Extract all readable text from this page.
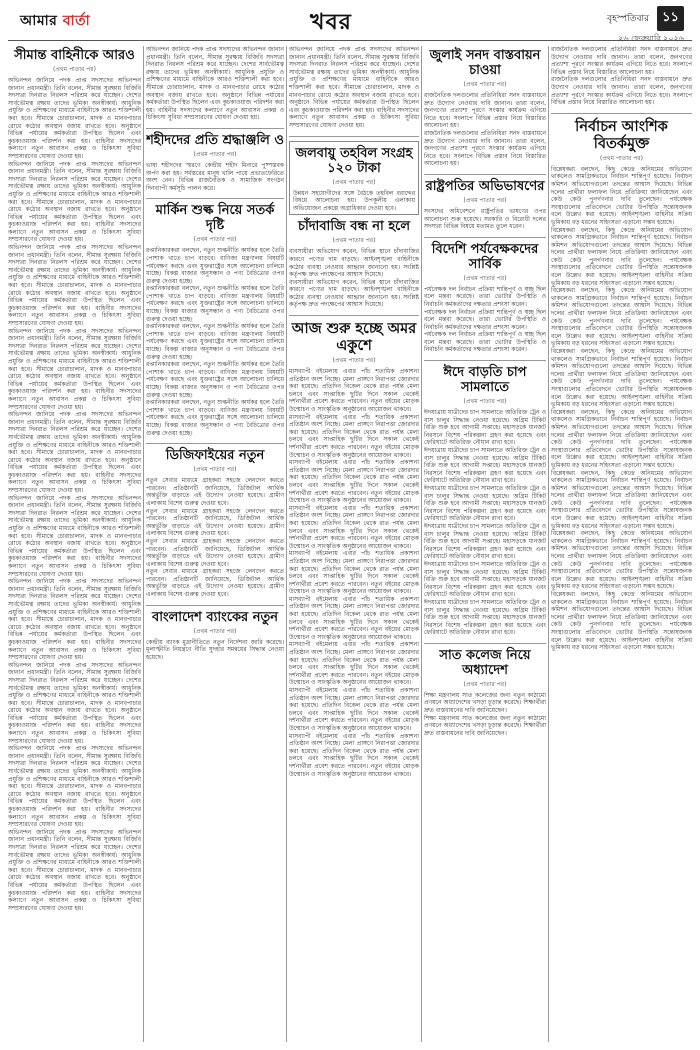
আমার বার্তা	খবর	বৃহস্পতিবার ১১
২৬ ফেব্রুয়ারি ২০২৬
সীমান্ত বাহিনীকে আরও
(প্রথম পাতার পর)

অভিনন্দন জানিয়ে পদক প্রাপ্ত সদস্যদের অভিনন্দন জানান প্রধানমন্ত্রী। তিনি বলেন, সীমান্ত সুরক্ষায় বিজিবি সদস্যরা দিনরাত নিরলস পরিশ্রম করে যাচ্ছেন। দেশের সার্বভৌমত্ব রক্ষায় তাদের ভূমিকা অনস্বীকার্য। আধুনিক প্রযুক্তি ও প্রশিক্ষণের মাধ্যমে বাহিনীকে আরও শক্তিশালী করা হবে। সীমান্তে চোরাচালান, মাদক ও মানবপাচার রোধে কঠোর অবস্থান বজায় রাখতে হবে। অনুষ্ঠানে বিভিন্ন পর্যায়ের কর্মকর্তারা উপস্থিত ছিলেন এবং কুচকাওয়াজ পরিদর্শন করা হয়। বাহিনীর সদস্যদের কল্যাণে নতুন আবাসন প্রকল্প ও চিকিৎসা সুবিধা সম্প্রসারণের ঘোষণা দেওয়া হয়।

অভিনন্দন জানিয়ে পদক প্রাপ্ত সদস্যদের অভিনন্দন জানান প্রধানমন্ত্রী। তিনি বলেন, সীমান্ত সুরক্ষায় বিজিবি সদস্যরা দিনরাত নিরলস পরিশ্রম করে যাচ্ছেন। দেশের সার্বভৌমত্ব রক্ষায় তাদের ভূমিকা অনস্বীকার্য। আধুনিক প্রযুক্তি ও প্রশিক্ষণের মাধ্যমে বাহিনীকে আরও শক্তিশালী করা হবে। সীমান্তে চোরাচালান, মাদক ও মানবপাচার রোধে কঠোর অবস্থান বজায় রাখতে হবে। অনুষ্ঠানে বিভিন্ন পর্যায়ের কর্মকর্তারা উপস্থিত ছিলেন এবং কুচকাওয়াজ পরিদর্শন করা হয়। বাহিনীর সদস্যদের কল্যাণে নতুন আবাসন প্রকল্প ও চিকিৎসা সুবিধা সম্প্রসারণের ঘোষণা দেওয়া হয়।

অভিনন্দন জানিয়ে পদক প্রাপ্ত সদস্যদের অভিনন্দন জানান প্রধানমন্ত্রী। তিনি বলেন, সীমান্ত সুরক্ষায় বিজিবি সদস্যরা দিনরাত নিরলস পরিশ্রম করে যাচ্ছেন। দেশের সার্বভৌমত্ব রক্ষায় তাদের ভূমিকা অনস্বীকার্য। আধুনিক প্রযুক্তি ও প্রশিক্ষণের মাধ্যমে বাহিনীকে আরও শক্তিশালী করা হবে। সীমান্তে চোরাচালান, মাদক ও মানবপাচার রোধে কঠোর অবস্থান বজায় রাখতে হবে। অনুষ্ঠানে বিভিন্ন পর্যায়ের কর্মকর্তারা উপস্থিত ছিলেন এবং কুচকাওয়াজ পরিদর্শন করা হয়। বাহিনীর সদস্যদের কল্যাণে নতুন আবাসন প্রকল্প ও চিকিৎসা সুবিধা সম্প্রসারণের ঘোষণা দেওয়া হয়।

অভিনন্দন জানিয়ে পদক প্রাপ্ত সদস্যদের অভিনন্দন জানান প্রধানমন্ত্রী। তিনি বলেন, সীমান্ত সুরক্ষায় বিজিবি সদস্যরা দিনরাত নিরলস পরিশ্রম করে যাচ্ছেন। দেশের সার্বভৌমত্ব রক্ষায় তাদের ভূমিকা অনস্বীকার্য। আধুনিক প্রযুক্তি ও প্রশিক্ষণের মাধ্যমে বাহিনীকে আরও শক্তিশালী করা হবে। সীমান্তে চোরাচালান, মাদক ও মানবপাচার রোধে কঠোর অবস্থান বজায় রাখতে হবে। অনুষ্ঠানে বিভিন্ন পর্যায়ের কর্মকর্তারা উপস্থিত ছিলেন এবং কুচকাওয়াজ পরিদর্শন করা হয়। বাহিনীর সদস্যদের কল্যাণে নতুন আবাসন প্রকল্প ও চিকিৎসা সুবিধা সম্প্রসারণের ঘোষণা দেওয়া হয়।

অভিনন্দন জানিয়ে পদক প্রাপ্ত সদস্যদের অভিনন্দন জানান প্রধানমন্ত্রী। তিনি বলেন, সীমান্ত সুরক্ষায় বিজিবি সদস্যরা দিনরাত নিরলস পরিশ্রম করে যাচ্ছেন। দেশের সার্বভৌমত্ব রক্ষায় তাদের ভূমিকা অনস্বীকার্য। আধুনিক প্রযুক্তি ও প্রশিক্ষণের মাধ্যমে বাহিনীকে আরও শক্তিশালী করা হবে। সীমান্তে চোরাচালান, মাদক ও মানবপাচার রোধে কঠোর অবস্থান বজায় রাখতে হবে। অনুষ্ঠানে বিভিন্ন পর্যায়ের কর্মকর্তারা উপস্থিত ছিলেন এবং কুচকাওয়াজ পরিদর্শন করা হয়। বাহিনীর সদস্যদের কল্যাণে নতুন আবাসন প্রকল্প ও চিকিৎসা সুবিধা সম্প্রসারণের ঘোষণা দেওয়া হয়।

অভিনন্দন জানিয়ে পদক প্রাপ্ত সদস্যদের অভিনন্দন জানান প্রধানমন্ত্রী। তিনি বলেন, সীমান্ত সুরক্ষায় বিজিবি সদস্যরা দিনরাত নিরলস পরিশ্রম করে যাচ্ছেন। দেশের সার্বভৌমত্ব রক্ষায় তাদের ভূমিকা অনস্বীকার্য। আধুনিক প্রযুক্তি ও প্রশিক্ষণের মাধ্যমে বাহিনীকে আরও শক্তিশালী করা হবে। সীমান্তে চোরাচালান, মাদক ও মানবপাচার রোধে কঠোর অবস্থান বজায় রাখতে হবে। অনুষ্ঠানে বিভিন্ন পর্যায়ের কর্মকর্তারা উপস্থিত ছিলেন এবং কুচকাওয়াজ পরিদর্শন করা হয়। বাহিনীর সদস্যদের কল্যাণে নতুন আবাসন প্রকল্প ও চিকিৎসা সুবিধা সম্প্রসারণের ঘোষণা দেওয়া হয়।

অভিনন্দন জানিয়ে পদক প্রাপ্ত সদস্যদের অভিনন্দন জানান প্রধানমন্ত্রী। তিনি বলেন, সীমান্ত সুরক্ষায় বিজিবি সদস্যরা দিনরাত নিরলস পরিশ্রম করে যাচ্ছেন। দেশের সার্বভৌমত্ব রক্ষায় তাদের ভূমিকা অনস্বীকার্য। আধুনিক প্রযুক্তি ও প্রশিক্ষণের মাধ্যমে বাহিনীকে আরও শক্তিশালী করা হবে। সীমান্তে চোরাচালান, মাদক ও মানবপাচার রোধে কঠোর অবস্থান বজায় রাখতে হবে। অনুষ্ঠানে বিভিন্ন পর্যায়ের কর্মকর্তারা উপস্থিত ছিলেন এবং কুচকাওয়াজ পরিদর্শন করা হয়। বাহিনীর সদস্যদের কল্যাণে নতুন আবাসন প্রকল্প ও চিকিৎসা সুবিধা সম্প্রসারণের ঘোষণা দেওয়া হয়।

অভিনন্দন জানিয়ে পদক প্রাপ্ত সদস্যদের অভিনন্দন জানান প্রধানমন্ত্রী। তিনি বলেন, সীমান্ত সুরক্ষায় বিজিবি সদস্যরা দিনরাত নিরলস পরিশ্রম করে যাচ্ছেন। দেশের সার্বভৌমত্ব রক্ষায় তাদের ভূমিকা অনস্বীকার্য। আধুনিক প্রযুক্তি ও প্রশিক্ষণের মাধ্যমে বাহিনীকে আরও শক্তিশালী করা হবে। সীমান্তে চোরাচালান, মাদক ও মানবপাচার রোধে কঠোর অবস্থান বজায় রাখতে হবে। অনুষ্ঠানে বিভিন্ন পর্যায়ের কর্মকর্তারা উপস্থিত ছিলেন এবং কুচকাওয়াজ পরিদর্শন করা হয়। বাহিনীর সদস্যদের কল্যাণে নতুন আবাসন প্রকল্প ও চিকিৎসা সুবিধা সম্প্রসারণের ঘোষণা দেওয়া হয়।

অভিনন্দন জানিয়ে পদক প্রাপ্ত সদস্যদের অভিনন্দন জানান প্রধানমন্ত্রী। তিনি বলেন, সীমান্ত সুরক্ষায় বিজিবি সদস্যরা দিনরাত নিরলস পরিশ্রম করে যাচ্ছেন। দেশের সার্বভৌমত্ব রক্ষায় তাদের ভূমিকা অনস্বীকার্য। আধুনিক প্রযুক্তি ও প্রশিক্ষণের মাধ্যমে বাহিনীকে আরও শক্তিশালী করা হবে। সীমান্তে চোরাচালান, মাদক ও মানবপাচার রোধে কঠোর অবস্থান বজায় রাখতে হবে। অনুষ্ঠানে বিভিন্ন পর্যায়ের কর্মকর্তারা উপস্থিত ছিলেন এবং কুচকাওয়াজ পরিদর্শন করা হয়। বাহিনীর সদস্যদের কল্যাণে নতুন আবাসন প্রকল্প ও চিকিৎসা সুবিধা সম্প্রসারণের ঘোষণা দেওয়া হয়।

অভিনন্দন জানিয়ে পদক প্রাপ্ত সদস্যদের অভিনন্দন জানান প্রধানমন্ত্রী। তিনি বলেন, সীমান্ত সুরক্ষায় বিজিবি সদস্যরা দিনরাত নিরলস পরিশ্রম করে যাচ্ছেন। দেশের সার্বভৌমত্ব রক্ষায় তাদের ভূমিকা অনস্বীকার্য। আধুনিক প্রযুক্তি ও প্রশিক্ষণের মাধ্যমে বাহিনীকে আরও শক্তিশালী করা হবে। সীমান্তে চোরাচালান, মাদক ও মানবপাচার রোধে কঠোর অবস্থান বজায় রাখতে হবে। অনুষ্ঠানে বিভিন্ন পর্যায়ের কর্মকর্তারা উপস্থিত ছিলেন এবং কুচকাওয়াজ পরিদর্শন করা হয়। বাহিনীর সদস্যদের কল্যাণে নতুন আবাসন প্রকল্প ও চিকিৎসা সুবিধা সম্প্রসারণের ঘোষণা দেওয়া হয়।

অভিনন্দন জানিয়ে পদক প্রাপ্ত সদস্যদের অভিনন্দন জানান প্রধানমন্ত্রী। তিনি বলেন, সীমান্ত সুরক্ষায় বিজিবি সদস্যরা দিনরাত নিরলস পরিশ্রম করে যাচ্ছেন। দেশের সার্বভৌমত্ব রক্ষায় তাদের ভূমিকা অনস্বীকার্য। আধুনিক প্রযুক্তি ও প্রশিক্ষণের মাধ্যমে বাহিনীকে আরও শক্তিশালী করা হবে। সীমান্তে চোরাচালান, মাদক ও মানবপাচার রোধে কঠোর অবস্থান বজায় রাখতে হবে। অনুষ্ঠানে বিভিন্ন পর্যায়ের কর্মকর্তারা উপস্থিত ছিলেন এবং কুচকাওয়াজ পরিদর্শন করা হয়। বাহিনীর সদস্যদের কল্যাণে নতুন আবাসন প্রকল্প ও চিকিৎসা সুবিধা সম্প্রসারণের ঘোষণা দেওয়া হয়।

শহীদদের প্রতি শ্রদ্ধাঞ্জলি ও
(প্রথম পাতার পর)

ভাষা শহীদদের স্মরণে কেন্দ্রীয় শহীদ মিনারে পুষ্পস্তবক অর্পণ করা হয়। সর্বস্তরের মানুষ খালি পায়ে প্রভাতফেরিতে অংশ নেন। বিভিন্ন রাজনৈতিক ও সামাজিক সংগঠন দিনব্যাপী কর্মসূচি পালন করে।

মার্কিন শুল্ক নিয়ে সতর্ক দৃষ্টি
(প্রথম পাতার পর)

রপ্তানিকারকরা বলছেন, নতুন শুল্কনীতি কার্যকর হলে তৈরি পোশাক খাতে চাপ বাড়বে। বাণিজ্য মন্ত্রণালয় বিষয়টি পর্যবেক্ষণ করছে এবং যুক্তরাষ্ট্রের সঙ্গে আলোচনা চালিয়ে যাচ্ছে। বিকল্প বাজার অনুসন্ধান ও পণ্য বৈচিত্র্যের ওপর গুরুত্ব দেওয়া হচ্ছে।

রপ্তানিকারকরা বলছেন, নতুন শুল্কনীতি কার্যকর হলে তৈরি পোশাক খাতে চাপ বাড়বে। বাণিজ্য মন্ত্রণালয় বিষয়টি পর্যবেক্ষণ করছে এবং যুক্তরাষ্ট্রের সঙ্গে আলোচনা চালিয়ে যাচ্ছে। বিকল্প বাজার অনুসন্ধান ও পণ্য বৈচিত্র্যের ওপর গুরুত্ব দেওয়া হচ্ছে।

রপ্তানিকারকরা বলছেন, নতুন শুল্কনীতি কার্যকর হলে তৈরি পোশাক খাতে চাপ বাড়বে। বাণিজ্য মন্ত্রণালয় বিষয়টি পর্যবেক্ষণ করছে এবং যুক্তরাষ্ট্রের সঙ্গে আলোচনা চালিয়ে যাচ্ছে। বিকল্প বাজার অনুসন্ধান ও পণ্য বৈচিত্র্যের ওপর গুরুত্ব দেওয়া হচ্ছে।

রপ্তানিকারকরা বলছেন, নতুন শুল্কনীতি কার্যকর হলে তৈরি পোশাক খাতে চাপ বাড়বে। বাণিজ্য মন্ত্রণালয় বিষয়টি পর্যবেক্ষণ করছে এবং যুক্তরাষ্ট্রের সঙ্গে আলোচনা চালিয়ে যাচ্ছে। বিকল্প বাজার অনুসন্ধান ও পণ্য বৈচিত্র্যের ওপর গুরুত্ব দেওয়া হচ্ছে।

রপ্তানিকারকরা বলছেন, নতুন শুল্কনীতি কার্যকর হলে তৈরি পোশাক খাতে চাপ বাড়বে। বাণিজ্য মন্ত্রণালয় বিষয়টি পর্যবেক্ষণ করছে এবং যুক্তরাষ্ট্রের সঙ্গে আলোচনা চালিয়ে যাচ্ছে। বিকল্প বাজার অনুসন্ধান ও পণ্য বৈচিত্র্যের ওপর গুরুত্ব দেওয়া হচ্ছে।

ডিজিফাইয়ের নতুন
(প্রথম পাতার পর)

নতুন সেবার মাধ্যমে গ্রাহকরা সহজে লেনদেন করতে পারবেন। প্রতিষ্ঠানটি জানিয়েছে, ডিজিটাল আর্থিক অন্তর্ভুক্তি বাড়াতে এই উদ্যোগ নেওয়া হয়েছে। গ্রামীণ এলাকায় বিশেষ গুরুত্ব দেওয়া হবে।

নতুন সেবার মাধ্যমে গ্রাহকরা সহজে লেনদেন করতে পারবেন। প্রতিষ্ঠানটি জানিয়েছে, ডিজিটাল আর্থিক অন্তর্ভুক্তি বাড়াতে এই উদ্যোগ নেওয়া হয়েছে। গ্রামীণ এলাকায় বিশেষ গুরুত্ব দেওয়া হবে।

নতুন সেবার মাধ্যমে গ্রাহকরা সহজে লেনদেন করতে পারবেন। প্রতিষ্ঠানটি জানিয়েছে, ডিজিটাল আর্থিক অন্তর্ভুক্তি বাড়াতে এই উদ্যোগ নেওয়া হয়েছে। গ্রামীণ এলাকায় বিশেষ গুরুত্ব দেওয়া হবে।

নতুন সেবার মাধ্যমে গ্রাহকরা সহজে লেনদেন করতে পারবেন। প্রতিষ্ঠানটি জানিয়েছে, ডিজিটাল আর্থিক অন্তর্ভুক্তি বাড়াতে এই উদ্যোগ নেওয়া হয়েছে। গ্রামীণ এলাকায় বিশেষ গুরুত্ব দেওয়া হবে।

বাংলাদেশ ব্যাংকের নতুন
(প্রথম পাতার পর)

কেন্দ্রীয় ব্যাংক মুদ্রানীতিতে নতুন নির্দেশনা জারি করেছে। মূল্যস্ফীতি নিয়ন্ত্রণে নীতি সুদহার সমন্বয়ের সিদ্ধান্ত নেওয়া হয়েছে।

অভিনন্দন জানিয়ে পদক প্রাপ্ত সদস্যদের অভিনন্দন জানান প্রধানমন্ত্রী। তিনি বলেন, সীমান্ত সুরক্ষায় বিজিবি সদস্যরা দিনরাত নিরলস পরিশ্রম করে যাচ্ছেন। দেশের সার্বভৌমত্ব রক্ষায় তাদের ভূমিকা অনস্বীকার্য। আধুনিক প্রযুক্তি ও প্রশিক্ষণের মাধ্যমে বাহিনীকে আরও শক্তিশালী করা হবে। সীমান্তে চোরাচালান, মাদক ও মানবপাচার রোধে কঠোর অবস্থান বজায় রাখতে হবে। অনুষ্ঠানে বিভিন্ন পর্যায়ের কর্মকর্তারা উপস্থিত ছিলেন এবং কুচকাওয়াজ পরিদর্শন করা হয়। বাহিনীর সদস্যদের কল্যাণে নতুন আবাসন প্রকল্প ও চিকিৎসা সুবিধা সম্প্রসারণের ঘোষণা দেওয়া হয়।

জলবায়ু তহবিল সংগ্রহ ১২০ টাকা
(প্রথম পাতার পর)

উন্নয়ন সহযোগীদের সঙ্গে বৈঠকে তহবিল বরাদ্দের বিষয়ে আলোচনা হয়। উপকূলীয় এলাকায় অভিযোজন প্রকল্পে অগ্রাধিকার দেওয়া হবে।

চাঁদাবাজি বন্ধ না হলে
(প্রথম পাতার পর)

ব্যবসায়ীরা অভিযোগ করেন, বিভিন্ন স্থানে চাঁদাবাজির কারণে পণ্যের দাম বাড়ছে। আইনশৃঙ্খলা বাহিনীকে কঠোর ব্যবস্থা নেওয়ার আহ্বান জানানো হয়। সংশ্লিষ্ট কর্তৃপক্ষ দ্রুত পদক্ষেপের আশ্বাস দিয়েছে।

ব্যবসায়ীরা অভিযোগ করেন, বিভিন্ন স্থানে চাঁদাবাজির কারণে পণ্যের দাম বাড়ছে। আইনশৃঙ্খলা বাহিনীকে কঠোর ব্যবস্থা নেওয়ার আহ্বান জানানো হয়। সংশ্লিষ্ট কর্তৃপক্ষ দ্রুত পদক্ষেপের আশ্বাস দিয়েছে।

আজ শুরু হচ্ছে অমর একুশে
(প্রথম পাতার পর)

মাসব্যাপী বইমেলায় এবার পাঁচ শতাধিক প্রকাশনা প্রতিষ্ঠান অংশ নিচ্ছে। মেলা প্রাঙ্গণে নিরাপত্তা জোরদার করা হয়েছে। প্রতিদিন বিকেল থেকে রাত পর্যন্ত মেলা চলবে এবং সাপ্তাহিক ছুটির দিনে সকাল থেকেই দর্শনার্থীরা প্রবেশ করতে পারবেন। নতুন বইয়ের মোড়ক উন্মোচন ও সাংস্কৃতিক অনুষ্ঠানের আয়োজন থাকবে।

মাসব্যাপী বইমেলায় এবার পাঁচ শতাধিক প্রকাশনা প্রতিষ্ঠান অংশ নিচ্ছে। মেলা প্রাঙ্গণে নিরাপত্তা জোরদার করা হয়েছে। প্রতিদিন বিকেল থেকে রাত পর্যন্ত মেলা চলবে এবং সাপ্তাহিক ছুটির দিনে সকাল থেকেই দর্শনার্থীরা প্রবেশ করতে পারবেন। নতুন বইয়ের মোড়ক উন্মোচন ও সাংস্কৃতিক অনুষ্ঠানের আয়োজন থাকবে।

মাসব্যাপী বইমেলায় এবার পাঁচ শতাধিক প্রকাশনা প্রতিষ্ঠান অংশ নিচ্ছে। মেলা প্রাঙ্গণে নিরাপত্তা জোরদার করা হয়েছে। প্রতিদিন বিকেল থেকে রাত পর্যন্ত মেলা চলবে এবং সাপ্তাহিক ছুটির দিনে সকাল থেকেই দর্শনার্থীরা প্রবেশ করতে পারবেন। নতুন বইয়ের মোড়ক উন্মোচন ও সাংস্কৃতিক অনুষ্ঠানের আয়োজন থাকবে।

মাসব্যাপী বইমেলায় এবার পাঁচ শতাধিক প্রকাশনা প্রতিষ্ঠান অংশ নিচ্ছে। মেলা প্রাঙ্গণে নিরাপত্তা জোরদার করা হয়েছে। প্রতিদিন বিকেল থেকে রাত পর্যন্ত মেলা চলবে এবং সাপ্তাহিক ছুটির দিনে সকাল থেকেই দর্শনার্থীরা প্রবেশ করতে পারবেন। নতুন বইয়ের মোড়ক উন্মোচন ও সাংস্কৃতিক অনুষ্ঠানের আয়োজন থাকবে।

মাসব্যাপী বইমেলায় এবার পাঁচ শতাধিক প্রকাশনা প্রতিষ্ঠান অংশ নিচ্ছে। মেলা প্রাঙ্গণে নিরাপত্তা জোরদার করা হয়েছে। প্রতিদিন বিকেল থেকে রাত পর্যন্ত মেলা চলবে এবং সাপ্তাহিক ছুটির দিনে সকাল থেকেই দর্শনার্থীরা প্রবেশ করতে পারবেন। নতুন বইয়ের মোড়ক উন্মোচন ও সাংস্কৃতিক অনুষ্ঠানের আয়োজন থাকবে।

মাসব্যাপী বইমেলায় এবার পাঁচ শতাধিক প্রকাশনা প্রতিষ্ঠান অংশ নিচ্ছে। মেলা প্রাঙ্গণে নিরাপত্তা জোরদার করা হয়েছে। প্রতিদিন বিকেল থেকে রাত পর্যন্ত মেলা চলবে এবং সাপ্তাহিক ছুটির দিনে সকাল থেকেই দর্শনার্থীরা প্রবেশ করতে পারবেন। নতুন বইয়ের মোড়ক উন্মোচন ও সাংস্কৃতিক অনুষ্ঠানের আয়োজন থাকবে।

মাসব্যাপী বইমেলায় এবার পাঁচ শতাধিক প্রকাশনা প্রতিষ্ঠান অংশ নিচ্ছে। মেলা প্রাঙ্গণে নিরাপত্তা জোরদার করা হয়েছে। প্রতিদিন বিকেল থেকে রাত পর্যন্ত মেলা চলবে এবং সাপ্তাহিক ছুটির দিনে সকাল থেকেই দর্শনার্থীরা প্রবেশ করতে পারবেন। নতুন বইয়ের মোড়ক উন্মোচন ও সাংস্কৃতিক অনুষ্ঠানের আয়োজন থাকবে।

মাসব্যাপী বইমেলায় এবার পাঁচ শতাধিক প্রকাশনা প্রতিষ্ঠান অংশ নিচ্ছে। মেলা প্রাঙ্গণে নিরাপত্তা জোরদার করা হয়েছে। প্রতিদিন বিকেল থেকে রাত পর্যন্ত মেলা চলবে এবং সাপ্তাহিক ছুটির দিনে সকাল থেকেই দর্শনার্থীরা প্রবেশ করতে পারবেন। নতুন বইয়ের মোড়ক উন্মোচন ও সাংস্কৃতিক অনুষ্ঠানের আয়োজন থাকবে।

মাসব্যাপী বইমেলায় এবার পাঁচ শতাধিক প্রকাশনা প্রতিষ্ঠান অংশ নিচ্ছে। মেলা প্রাঙ্গণে নিরাপত্তা জোরদার করা হয়েছে। প্রতিদিন বিকেল থেকে রাত পর্যন্ত মেলা চলবে এবং সাপ্তাহিক ছুটির দিনে সকাল থেকেই দর্শনার্থীরা প্রবেশ করতে পারবেন। নতুন বইয়ের মোড়ক উন্মোচন ও সাংস্কৃতিক অনুষ্ঠানের আয়োজন থাকবে।

জুলাই সনদ বাস্তবায়ন চাওয়া
(প্রথম পাতার পর)

রাজনৈতিক দলগুলোর প্রতিনিধিরা সনদ বাস্তবায়নে দ্রুত উদ্যোগ নেওয়ার দাবি জানান। তারা বলেন, জনগণের প্রত্যাশা পূরণে সংস্কার কার্যক্রম এগিয়ে নিতে হবে। সংলাপে বিভিন্ন প্রস্তাব নিয়ে বিস্তারিত আলোচনা হয়।

রাজনৈতিক দলগুলোর প্রতিনিধিরা সনদ বাস্তবায়নে দ্রুত উদ্যোগ নেওয়ার দাবি জানান। তারা বলেন, জনগণের প্রত্যাশা পূরণে সংস্কার কার্যক্রম এগিয়ে নিতে হবে। সংলাপে বিভিন্ন প্রস্তাব নিয়ে বিস্তারিত আলোচনা হয়।

রাষ্ট্রপতির অভিভাষণের
(প্রথম পাতার পর)

সংসদের অধিবেশনে রাষ্ট্রপতির ভাষণের ওপর আলোচনা শুরু হয়েছে। সরকারি ও বিরোধী দলের সদস্যরা বিভিন্ন বিষয়ে মতামত তুলে ধরেন।

বিদেশি পর্যবেক্ষকদের সার্বিক
(প্রথম পাতার পর)

পর্যবেক্ষক দল নির্বাচন প্রক্রিয়া শান্তিপূর্ণ ও স্বচ্ছ ছিল বলে মন্তব্য করেছে। তারা ভোটার উপস্থিতি ও নির্বাচনি কর্মকর্তাদের দক্ষতার প্রশংসা করেন।

পর্যবেক্ষক দল নির্বাচন প্রক্রিয়া শান্তিপূর্ণ ও স্বচ্ছ ছিল বলে মন্তব্য করেছে। তারা ভোটার উপস্থিতি ও নির্বাচনি কর্মকর্তাদের দক্ষতার প্রশংসা করেন।

পর্যবেক্ষক দল নির্বাচন প্রক্রিয়া শান্তিপূর্ণ ও স্বচ্ছ ছিল বলে মন্তব্য করেছে। তারা ভোটার উপস্থিতি ও নির্বাচনি কর্মকর্তাদের দক্ষতার প্রশংসা করেন।

ঈদে বাড়তি চাপ সামলাতে
(প্রথম পাতার পর)

ঈদযাত্রায় যাত্রীদের চাপ সামলাতে অতিরিক্ত ট্রেন ও বাস চালুর সিদ্ধান্ত নেওয়া হয়েছে। অগ্রিম টিকিট বিক্রি শুরু হবে আগামী সপ্তাহে। মহাসড়কে যানজট নিরসনে বিশেষ পরিকল্পনা গ্রহণ করা হয়েছে এবং ফেরিঘাটে অতিরিক্ত নৌযান রাখা হবে।

ঈদযাত্রায় যাত্রীদের চাপ সামলাতে অতিরিক্ত ট্রেন ও বাস চালুর সিদ্ধান্ত নেওয়া হয়েছে। অগ্রিম টিকিট বিক্রি শুরু হবে আগামী সপ্তাহে। মহাসড়কে যানজট নিরসনে বিশেষ পরিকল্পনা গ্রহণ করা হয়েছে এবং ফেরিঘাটে অতিরিক্ত নৌযান রাখা হবে।

ঈদযাত্রায় যাত্রীদের চাপ সামলাতে অতিরিক্ত ট্রেন ও বাস চালুর সিদ্ধান্ত নেওয়া হয়েছে। অগ্রিম টিকিট বিক্রি শুরু হবে আগামী সপ্তাহে। মহাসড়কে যানজট নিরসনে বিশেষ পরিকল্পনা গ্রহণ করা হয়েছে এবং ফেরিঘাটে অতিরিক্ত নৌযান রাখা হবে।

ঈদযাত্রায় যাত্রীদের চাপ সামলাতে অতিরিক্ত ট্রেন ও বাস চালুর সিদ্ধান্ত নেওয়া হয়েছে। অগ্রিম টিকিট বিক্রি শুরু হবে আগামী সপ্তাহে। মহাসড়কে যানজট নিরসনে বিশেষ পরিকল্পনা গ্রহণ করা হয়েছে এবং ফেরিঘাটে অতিরিক্ত নৌযান রাখা হবে।

ঈদযাত্রায় যাত্রীদের চাপ সামলাতে অতিরিক্ত ট্রেন ও বাস চালুর সিদ্ধান্ত নেওয়া হয়েছে। অগ্রিম টিকিট বিক্রি শুরু হবে আগামী সপ্তাহে। মহাসড়কে যানজট নিরসনে বিশেষ পরিকল্পনা গ্রহণ করা হয়েছে এবং ফেরিঘাটে অতিরিক্ত নৌযান রাখা হবে।

ঈদযাত্রায় যাত্রীদের চাপ সামলাতে অতিরিক্ত ট্রেন ও বাস চালুর সিদ্ধান্ত নেওয়া হয়েছে। অগ্রিম টিকিট বিক্রি শুরু হবে আগামী সপ্তাহে। মহাসড়কে যানজট নিরসনে বিশেষ পরিকল্পনা গ্রহণ করা হয়েছে এবং ফেরিঘাটে অতিরিক্ত নৌযান রাখা হবে।

সাত কলেজ নিয়ে অধ্যাদেশ
(প্রথম পাতার পর)

শিক্ষা মন্ত্রণালয় সাত কলেজের জন্য নতুন কাঠামো প্রণয়নে অধ্যাদেশের খসড়া চূড়ান্ত করেছে। শিক্ষার্থীরা দ্রুত বাস্তবায়নের দাবি জানিয়েছেন।

শিক্ষা মন্ত্রণালয় সাত কলেজের জন্য নতুন কাঠামো প্রণয়নে অধ্যাদেশের খসড়া চূড়ান্ত করেছে। শিক্ষার্থীরা দ্রুত বাস্তবায়নের দাবি জানিয়েছেন।

রাজনৈতিক দলগুলোর প্রতিনিধিরা সনদ বাস্তবায়নে দ্রুত উদ্যোগ নেওয়ার দাবি জানান। তারা বলেন, জনগণের প্রত্যাশা পূরণে সংস্কার কার্যক্রম এগিয়ে নিতে হবে। সংলাপে বিভিন্ন প্রস্তাব নিয়ে বিস্তারিত আলোচনা হয়।

রাজনৈতিক দলগুলোর প্রতিনিধিরা সনদ বাস্তবায়নে দ্রুত উদ্যোগ নেওয়ার দাবি জানান। তারা বলেন, জনগণের প্রত্যাশা পূরণে সংস্কার কার্যক্রম এগিয়ে নিতে হবে। সংলাপে বিভিন্ন প্রস্তাব নিয়ে বিস্তারিত আলোচনা হয়।

নির্বাচন আংশিক বিতর্কমুক্ত
(প্রথম পাতার পর)

বিশ্লেষকরা বলছেন, কিছু কেন্দ্রে অনিয়মের অভিযোগ থাকলেও সামগ্রিকভাবে নির্বাচন শান্তিপূর্ণ হয়েছে। নির্বাচন কমিশন অভিযোগগুলো তদন্তের আশ্বাস দিয়েছে। বিভিন্ন দলের প্রার্থীরা ফলাফল নিয়ে প্রতিক্রিয়া জানিয়েছেন এবং কেউ কেউ পুনর্গণনার দাবি তুলেছেন। পর্যবেক্ষক সংস্থাগুলোর প্রতিবেদনে ভোটার উপস্থিতি সন্তোষজনক বলে উল্লেখ করা হয়েছে। আইনশৃঙ্খলা বাহিনীর সক্রিয় ভূমিকায় বড় ধরনের সহিংসতা এড়ানো সম্ভব হয়েছে।

বিশ্লেষকরা বলছেন, কিছু কেন্দ্রে অনিয়মের অভিযোগ থাকলেও সামগ্রিকভাবে নির্বাচন শান্তিপূর্ণ হয়েছে। নির্বাচন কমিশন অভিযোগগুলো তদন্তের আশ্বাস দিয়েছে। বিভিন্ন দলের প্রার্থীরা ফলাফল নিয়ে প্রতিক্রিয়া জানিয়েছেন এবং কেউ কেউ পুনর্গণনার দাবি তুলেছেন। পর্যবেক্ষক সংস্থাগুলোর প্রতিবেদনে ভোটার উপস্থিতি সন্তোষজনক বলে উল্লেখ করা হয়েছে। আইনশৃঙ্খলা বাহিনীর সক্রিয় ভূমিকায় বড় ধরনের সহিংসতা এড়ানো সম্ভব হয়েছে।

বিশ্লেষকরা বলছেন, কিছু কেন্দ্রে অনিয়মের অভিযোগ থাকলেও সামগ্রিকভাবে নির্বাচন শান্তিপূর্ণ হয়েছে। নির্বাচন কমিশন অভিযোগগুলো তদন্তের আশ্বাস দিয়েছে। বিভিন্ন দলের প্রার্থীরা ফলাফল নিয়ে প্রতিক্রিয়া জানিয়েছেন এবং কেউ কেউ পুনর্গণনার দাবি তুলেছেন। পর্যবেক্ষক সংস্থাগুলোর প্রতিবেদনে ভোটার উপস্থিতি সন্তোষজনক বলে উল্লেখ করা হয়েছে। আইনশৃঙ্খলা বাহিনীর সক্রিয় ভূমিকায় বড় ধরনের সহিংসতা এড়ানো সম্ভব হয়েছে।

বিশ্লেষকরা বলছেন, কিছু কেন্দ্রে অনিয়মের অভিযোগ থাকলেও সামগ্রিকভাবে নির্বাচন শান্তিপূর্ণ হয়েছে। নির্বাচন কমিশন অভিযোগগুলো তদন্তের আশ্বাস দিয়েছে। বিভিন্ন দলের প্রার্থীরা ফলাফল নিয়ে প্রতিক্রিয়া জানিয়েছেন এবং কেউ কেউ পুনর্গণনার দাবি তুলেছেন। পর্যবেক্ষক সংস্থাগুলোর প্রতিবেদনে ভোটার উপস্থিতি সন্তোষজনক বলে উল্লেখ করা হয়েছে। আইনশৃঙ্খলা বাহিনীর সক্রিয় ভূমিকায় বড় ধরনের সহিংসতা এড়ানো সম্ভব হয়েছে।

বিশ্লেষকরা বলছেন, কিছু কেন্দ্রে অনিয়মের অভিযোগ থাকলেও সামগ্রিকভাবে নির্বাচন শান্তিপূর্ণ হয়েছে। নির্বাচন কমিশন অভিযোগগুলো তদন্তের আশ্বাস দিয়েছে। বিভিন্ন দলের প্রার্থীরা ফলাফল নিয়ে প্রতিক্রিয়া জানিয়েছেন এবং কেউ কেউ পুনর্গণনার দাবি তুলেছেন। পর্যবেক্ষক সংস্থাগুলোর প্রতিবেদনে ভোটার উপস্থিতি সন্তোষজনক বলে উল্লেখ করা হয়েছে। আইনশৃঙ্খলা বাহিনীর সক্রিয় ভূমিকায় বড় ধরনের সহিংসতা এড়ানো সম্ভব হয়েছে।

বিশ্লেষকরা বলছেন, কিছু কেন্দ্রে অনিয়মের অভিযোগ থাকলেও সামগ্রিকভাবে নির্বাচন শান্তিপূর্ণ হয়েছে। নির্বাচন কমিশন অভিযোগগুলো তদন্তের আশ্বাস দিয়েছে। বিভিন্ন দলের প্রার্থীরা ফলাফল নিয়ে প্রতিক্রিয়া জানিয়েছেন এবং কেউ কেউ পুনর্গণনার দাবি তুলেছেন। পর্যবেক্ষক সংস্থাগুলোর প্রতিবেদনে ভোটার উপস্থিতি সন্তোষজনক বলে উল্লেখ করা হয়েছে। আইনশৃঙ্খলা বাহিনীর সক্রিয় ভূমিকায় বড় ধরনের সহিংসতা এড়ানো সম্ভব হয়েছে।

বিশ্লেষকরা বলছেন, কিছু কেন্দ্রে অনিয়মের অভিযোগ থাকলেও সামগ্রিকভাবে নির্বাচন শান্তিপূর্ণ হয়েছে। নির্বাচন কমিশন অভিযোগগুলো তদন্তের আশ্বাস দিয়েছে। বিভিন্ন দলের প্রার্থীরা ফলাফল নিয়ে প্রতিক্রিয়া জানিয়েছেন এবং কেউ কেউ পুনর্গণনার দাবি তুলেছেন। পর্যবেক্ষক সংস্থাগুলোর প্রতিবেদনে ভোটার উপস্থিতি সন্তোষজনক বলে উল্লেখ করা হয়েছে। আইনশৃঙ্খলা বাহিনীর সক্রিয় ভূমিকায় বড় ধরনের সহিংসতা এড়ানো সম্ভব হয়েছে।

বিশ্লেষকরা বলছেন, কিছু কেন্দ্রে অনিয়মের অভিযোগ থাকলেও সামগ্রিকভাবে নির্বাচন শান্তিপূর্ণ হয়েছে। নির্বাচন কমিশন অভিযোগগুলো তদন্তের আশ্বাস দিয়েছে। বিভিন্ন দলের প্রার্থীরা ফলাফল নিয়ে প্রতিক্রিয়া জানিয়েছেন এবং কেউ কেউ পুনর্গণনার দাবি তুলেছেন। পর্যবেক্ষক সংস্থাগুলোর প্রতিবেদনে ভোটার উপস্থিতি সন্তোষজনক বলে উল্লেখ করা হয়েছে। আইনশৃঙ্খলা বাহিনীর সক্রিয় ভূমিকায় বড় ধরনের সহিংসতা এড়ানো সম্ভব হয়েছে।
